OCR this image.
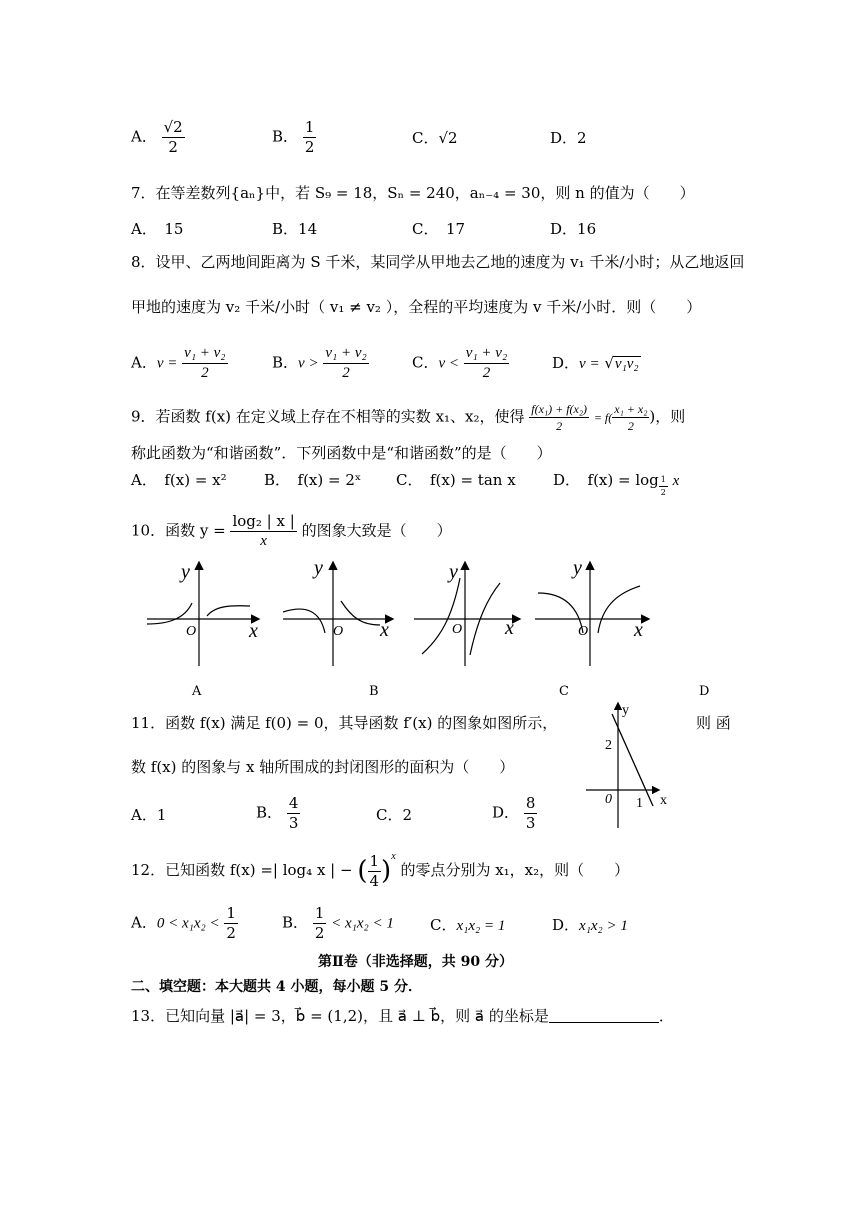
A． $\frac{√2}{2}$	B． $\frac{1}{2}$	C．√2	D．2
7．在等差数列{aₙ}中，若 S₉ = 18，Sₙ = 240，aₙ₋₄ = 30，则 n 的值为（　　）
A．　15	B．14	C．　17	D．16
8．设甲、乙两地间距离为 S 千米，某同学从甲地去乙地的速度为 v₁ 千米/小时；从乙地返回
甲地的速度为 v₂ 千米/小时（ v₁ ≠ v₂ ），全程的平均速度为 v 千米/小时．则（　　）
A．$v = \frac{\text{v₁ + v₂}}{2}$	B．$v > \frac{\text{v₁ + v₂}}{2}$	C．$v < \frac{\text{v₁ + v₂}}{2}$	D．v = √v₁v₂
9．若函数 f(x) 在定义域上存在不相等的实数 x₁、x₂，使得 $\frac{\text{f(x₁) + f(x₂)}}{2} = f( \frac{\text{x₁ + x₂}}{2}$ )，则
称此函数为“和谐函数”．下列函数中是“和谐函数”的是（　　）
A．　f(x) = x² B．　f(x) = 2ˣ C．　f(x) = tan x D．　$f(x) = \log \frac{1}{2}$ x
10．函数 $y = \frac{\text{log₂ | x |}}{x}$ 的图象大致是（　　）
y
x
O
y
x
O
y
x
O
y
x
O
A	B	C	D
11．函数 f(x) 满足 f(0) = 0，其导函数 f′(x) 的图象如图所示，	则 函
数 f(x) 的图象与 x 轴所围成的封闭图形的面积为（　　）
y
x
2
0 1
A．1	B． $\frac{4}{3}$	C．2	D． $\frac{8}{3}$
12．已知函数 f(x) =| log₄ x | − ( $\frac{1}{4} )^x$ 的零点分别为 x₁，x₂，则（　　）
A．$0 < x_1x_2 < \frac{1}{2}$	B． $\frac{1}{2} < x_1x_2 < 1$ C．x₁x₂ = 1	D．x₁x₂ > 1
第Ⅱ卷（非选择题，共 90 分）
二、填空题：本大题共 4 小题，每小题 5 分．
13．已知向量 |a⃗| = 3，b⃗ = (1,2)，且 a⃗ ⊥ b⃗，则 a⃗ 的坐标是	．
